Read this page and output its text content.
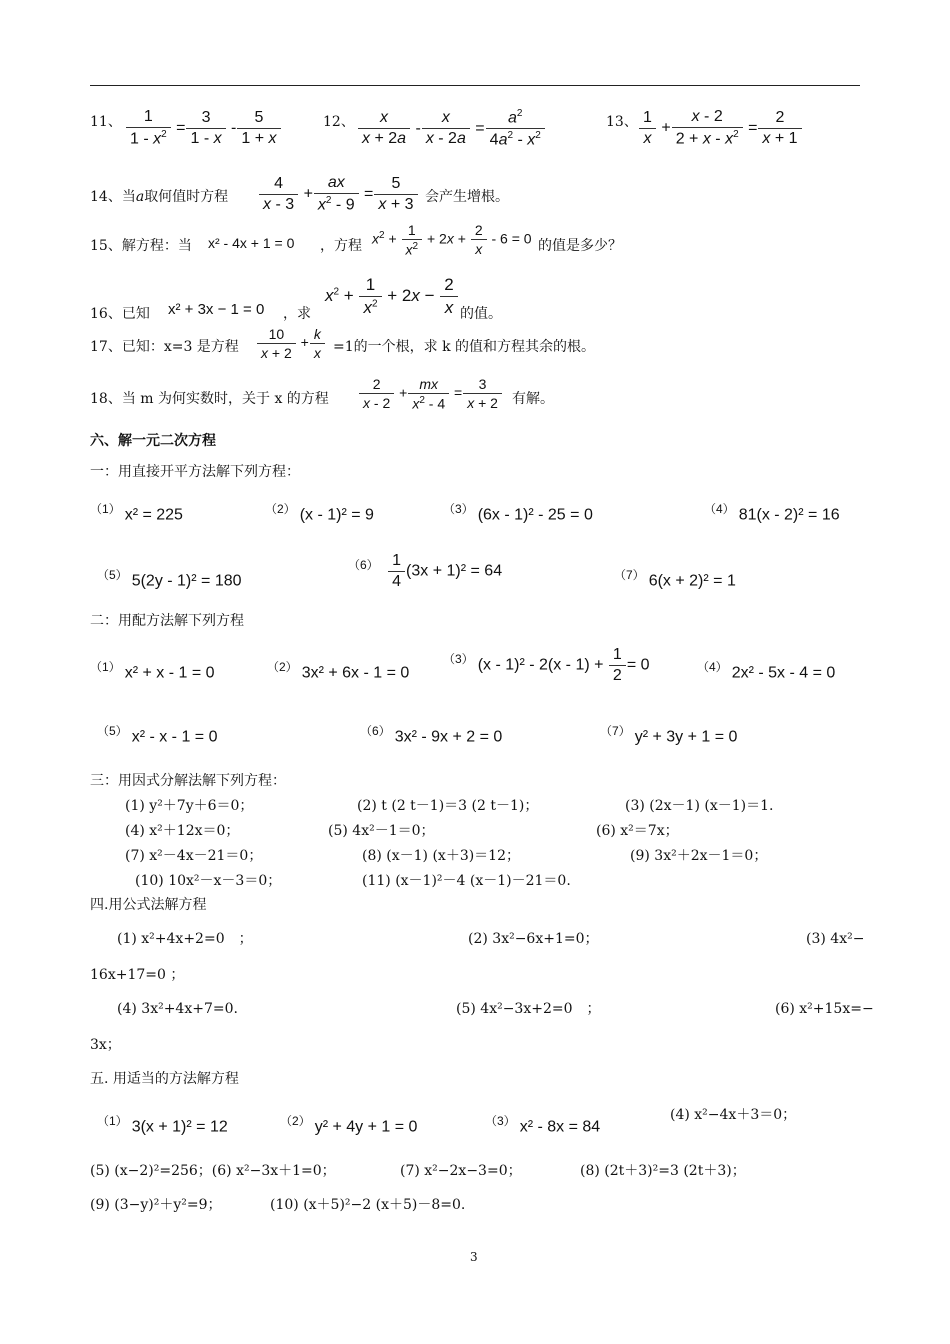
11、 $\frac{1}{1 - x^2} = \frac{3}{1 - x} - \frac{5}{1 + x}$	12、 $\frac{x}{x + 2a} - \frac{x}{x - 2a} = \frac{a^2}{4a^2 - x^2}$	13、 $\frac{1}{x} + \frac{x - 2}{2 + x - x^2} = \frac{2}{x + 1}$
14、当a取何值时方程 $\frac{4}{x - 3} + \frac{ax}{x^2 - 9} = \frac{5}{x + 3}$ 会产生增根。
15、解方程：当 x² - 4x + 1 = 0 ，方程 $x^2 + \frac{1}{x^2} + 2x + \frac{2}{x} - 6 = 0$ 的值是多少？
16、已知 x² + 3x − 1 = 0 ，求
$x^2 + \frac{1}{x^2} + 2x - \frac{2}{x}$ 的值。
17、已知：x=3 是方程 $\frac{10}{x + 2} + \frac{k}{x} =1$的一个根，求 k 的值和方程其余的根。
18、当 m 为何实数时，关于 x 的方程 $\frac{2}{x - 2} + \frac{mx}{x^2 - 4} = \frac{3}{x + 2}$ 有解。
六、解一元二次方程
一：用直接开平方法解下列方程：
$^{(1)}$ x² = 225	$^{(2)}$ (x - 1)² = 9	$^{(3)}$ (6x - 1)² - 25 = 0	$^{(4)}$ 81(x - 2)² = 16
$^{(5)}$ 5(2y - 1)² = 180
$^{(6)} \frac{1}{4} (3x + 1)^2 = 64$	$^{(7)}$ 6(x + 2)² = 1
二：用配方法解下列方程
$^{(1)}$ x² + x - 1 = 0	$^{(2)}$ 3x² + 6x - 1 = 0
$^{(3)}$ $(x - 1)^2 - 2(x - 1) + \frac{1}{2} = 0$	$^{(4)}$ 2x² - 5x - 4 = 0
$^{(5)}$ x² - x - 1 = 0	$^{(6)}$ 3x² - 9x + 2 = 0	$^{(7)}$ y² + 3y + 1 = 0
三：用因式分解法解下列方程：
(1) y²＋7y＋6＝0；	(2) t (2 t－1)＝3 (2 t－1)；	(3) (2x－1) (x－1)＝1.
(4) x²＋12x＝0；	(5) 4x²－1＝0；	(6) x²＝7x；
(7) x²－4x－21＝0；	(8) (x－1) (x＋3)＝12；	(9) 3x²＋2x－1＝0；
(10) 10x²－x－3＝0；	(11) (x－1)²－4 (x－1)－21＝0.
四.用公式法解方程
(1) x²+4x+2=0　；	(2) 3x²−6x+1=0；	(3) 4x²−
16x+17=0 ；
(4) 3x²+4x+7=0.	(5) 4x²−3x+2=0　；	(6) x²+15x=−
3x；
五. 用适当的方法解方程
$^{(1)}$ 3(x + 1)² = 12	$^{(2)}$ y² + 4y + 1 = 0	$^{(3)}$ x² - 8x = 84
(4) x²−4x＋3＝0；
(5) (x−2)²=256；(6) x²−3x＋1=0；	(7) x²−2x−3=0；	(8) (2t＋3)²=3 (2t＋3)；
(9) (3−y)²＋y²=9；	(10) (x＋5)²−2 (x＋5)－8=0.
3
